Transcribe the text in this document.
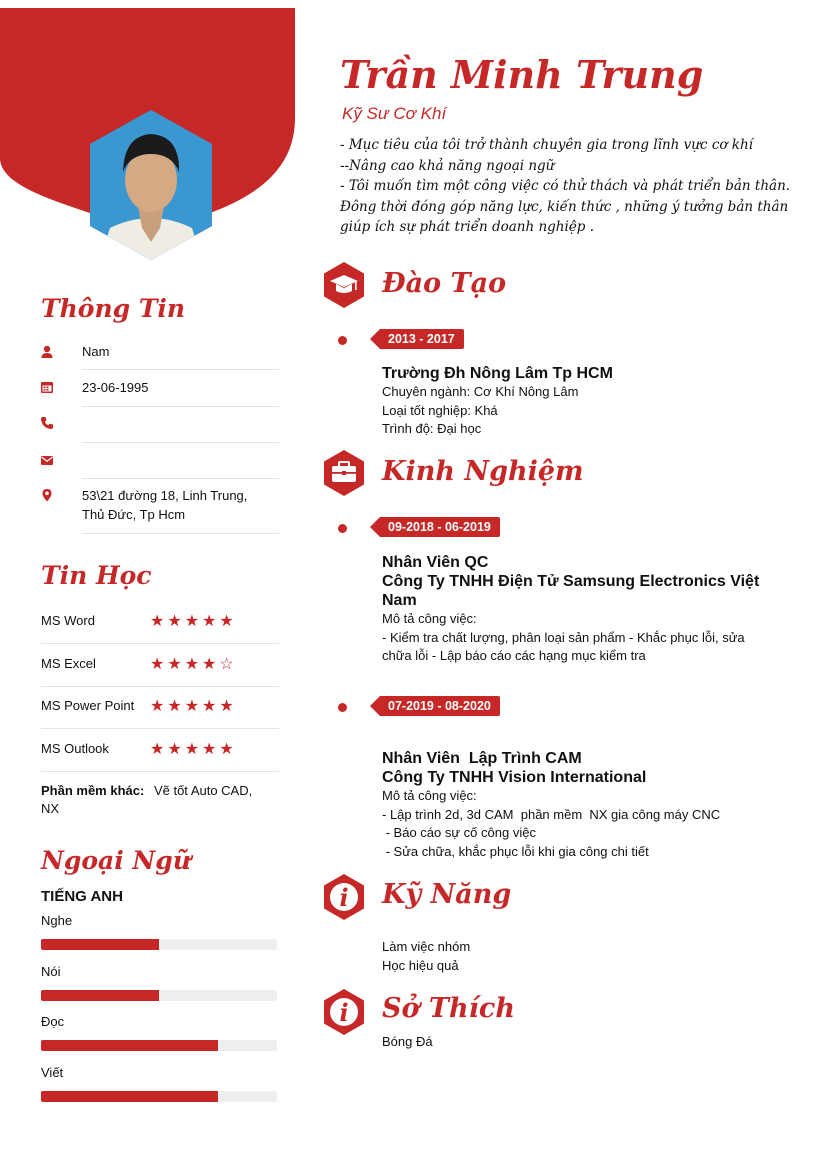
Trần Minh Trung
Kỹ Sư Cơ Khí
- Mục tiêu của tôi trở thành chuyên gia trong lĩnh vực cơ khí
--Nâng cao khả năng ngoại ngữ
- Tôi muốn tìm một công việc có thử thách và phát triển bản thân.
Đông thời đóng góp năng lực, kiến thức , những ý tưởng bản thân
giúp ích sự phát triển doanh nghiệp .
Thông Tin
Nam
23-06-1995
53\21 đường 18, Linh Trung,
Thủ Đức, Tp Hcm
Tin Học
MS Word	★★★★★
MS Excel	★★★★☆
MS Power Point ★★★★★
MS Outlook	★★★★★
Phần mềm khác: Vẽ tốt Auto CAD,
NX
Ngoại Ngữ
TIẾNG ANH
Nghe
Nói
Đọc
Viết
Đào Tạo
2013 - 2017
Trường Đh Nông Lâm Tp HCM
Chuyên ngành: Cơ Khí Nông Lâm
Loại tốt nghiệp: Khá
Trình độ: Đại học
Kinh Nghiệm
09-2018 - 06-2019
Nhân Viên QC
Công Ty TNHH Điện Tử Samsung Electronics Việt
Nam
Mô tả công việc:
- Kiểm tra chất lượng, phân loại sản phẩm - Khắc phục lỗi, sửa
chữa lỗi - Lập báo cáo các hạng mục kiểm tra
07-2019 - 08-2020
Nhân Viên  Lập Trình CAM
Công Ty TNHH Vision International
Mô tả công việc:
- Lập trình 2d, 3d CAM  phần mềm  NX gia công máy CNC
- Báo cáo sự cố công việc
- Sửa chữa, khắc phục lỗi khi gia công chi tiết
i Kỹ Năng
Làm việc nhóm
Học hiệu quả
i Sở Thích
Bóng Đá
